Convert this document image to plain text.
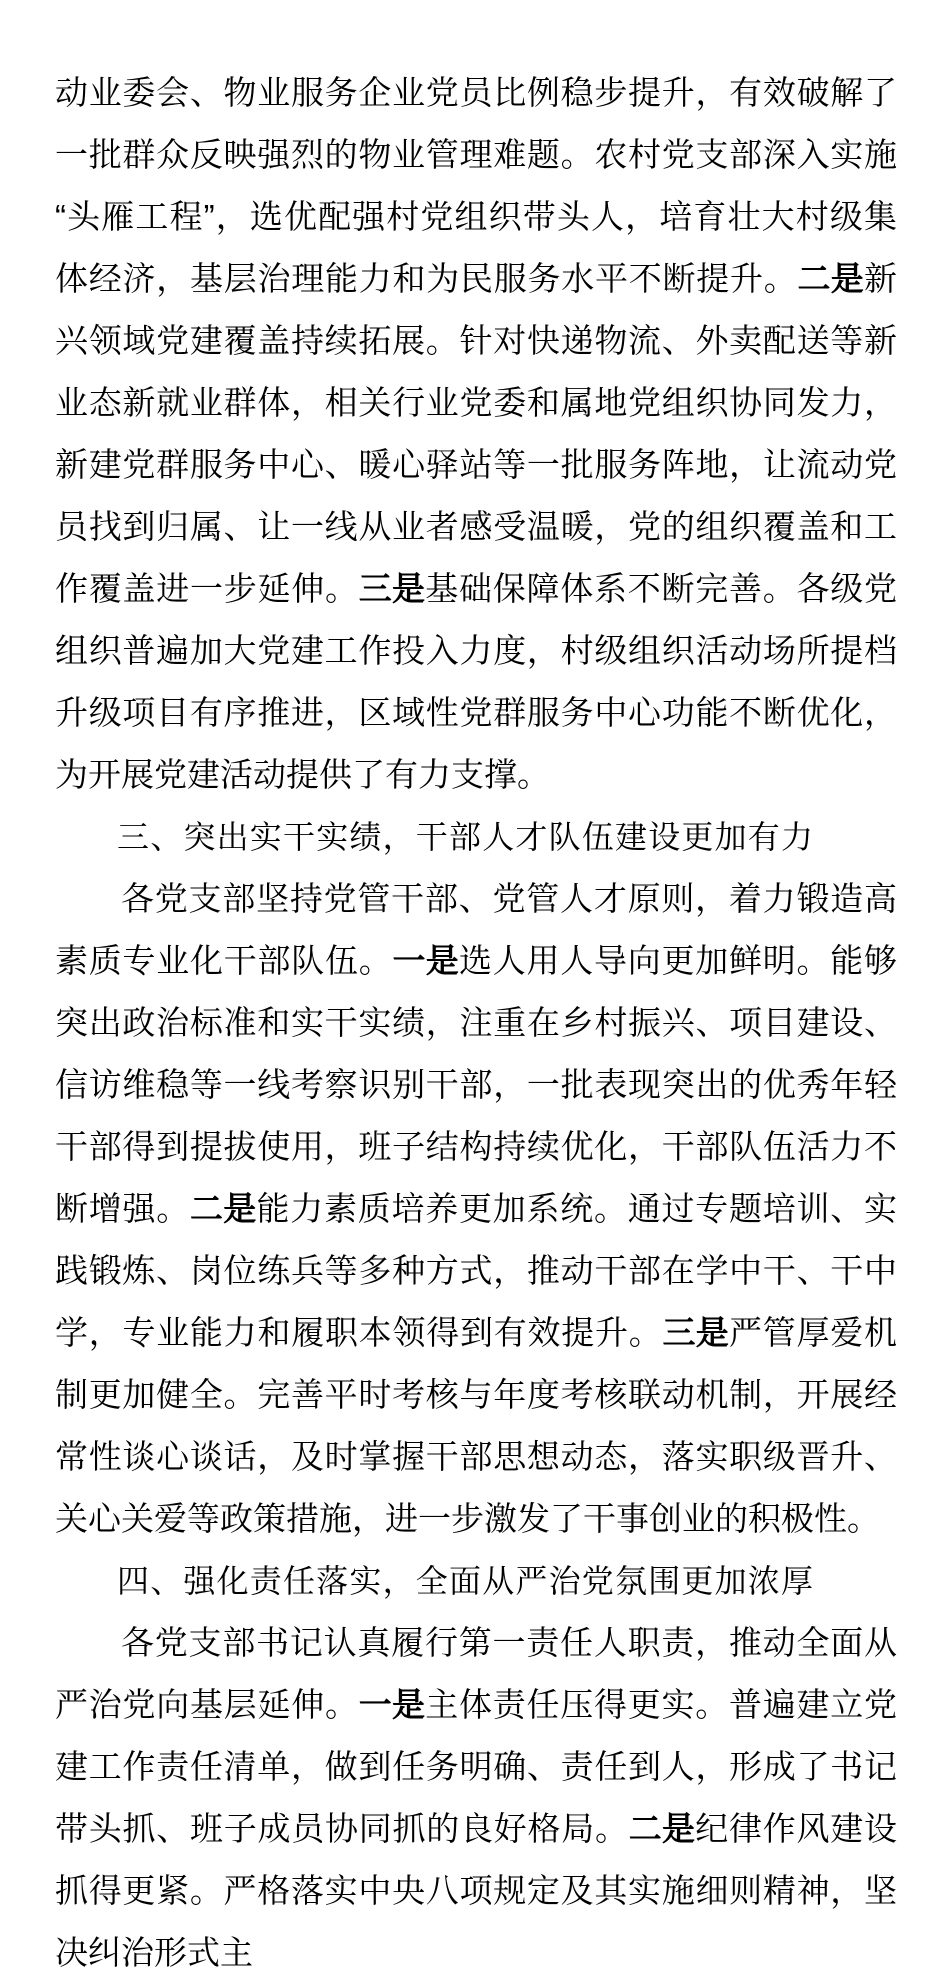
动业委会、物业服务企业党员比例稳步提升，有效破解了一批群众反映强烈的物业管理难题。农村党支部深入实施“头雁工程”，选优配强村党组织带头人，培育壮大村级集体经济，基层治理能力和为民服务水平不断提升。二是新兴领域党建覆盖持续拓展。针对快递物流、外卖配送等新业态新就业群体，相关行业党委和属地党组织协同发力，新建党群服务中心、暖心驿站等一批服务阵地，让流动党员找到归属、让一线从业者感受温暖，党的组织覆盖和工作覆盖进一步延伸。三是基础保障体系不断完善。各级党组织普遍加大党建工作投入力度，村级组织活动场所提档升级项目有序推进，区域性党群服务中心功能不断优化，为开展党建活动提供了有力支撑。

三、突出实干实绩，干部人才队伍建设更加有力

各党支部坚持党管干部、党管人才原则，着力锻造高素质专业化干部队伍。一是选人用人导向更加鲜明。能够突出政治标准和实干实绩，注重在乡村振兴、项目建设、信访维稳等一线考察识别干部，一批表现突出的优秀年轻干部得到提拔使用，班子结构持续优化，干部队伍活力不断增强。二是能力素质培养更加系统。通过专题培训、实践锻炼、岗位练兵等多种方式，推动干部在学中干、干中学，专业能力和履职本领得到有效提升。三是严管厚爱机制更加健全。完善平时考核与年度考核联动机制，开展经常性谈心谈话，及时掌握干部思想动态，落实职级晋升、关心关爱等政策措施，进一步激发了干事创业的积极性。

四、强化责任落实，全面从严治党氛围更加浓厚

各党支部书记认真履行第一责任人职责，推动全面从严治党向基层延伸。一是主体责任压得更实。普遍建立党建工作责任清单，做到任务明确、责任到人，形成了书记带头抓、班子成员协同抓的良好格局。二是纪律作风建设抓得更紧。严格落实中央八项规定及其实施细则精神，坚决纠治形式主
